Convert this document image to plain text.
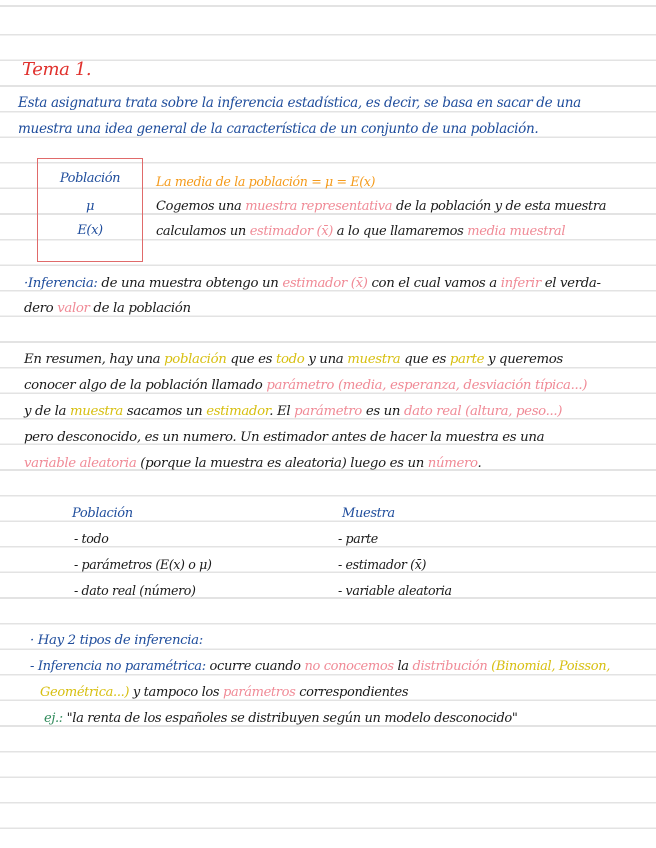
Tema 1.
Esta asignatura trata sobre la inferencia estadística, es decir, se basa en sacar de una
muestra una idea general de la característica de un conjunto de una población.
Población
μ
E(x)
La media de la población = μ = E(x)
Cogemos una muestra representativa de la población y de esta muestra
calculamos un estimador (x̄) a lo que llamaremos media muestral
·Inferencia: de una muestra obtengo un estimador (x̄) con el cual vamos a inferir el verda-
dero valor de la población
En resumen, hay una población que es todo y una muestra que es parte y queremos
conocer algo de la población llamado parámetro (media, esperanza, desviación típica...)
y de la muestra sacamos un estimador. El parámetro es un dato real (altura, peso...)
pero desconocido, es un numero. Un estimador antes de hacer la muestra es una
variable aleatoria (porque la muestra es aleatoria) luego es un número.
Población
- todo
- parámetros (E(x) o μ)
- dato real (número)
Muestra
- parte
- estimador (x̄)
- variable aleatoria
· Hay 2 tipos de inferencia:
- Inferencia no paramétrica: ocurre cuando no conocemos la distribución (Binomial, Poisson,
Geométrica...) y tampoco los parámetros correspondientes
ej.: "la renta de los españoles se distribuyen según un modelo desconocido"
